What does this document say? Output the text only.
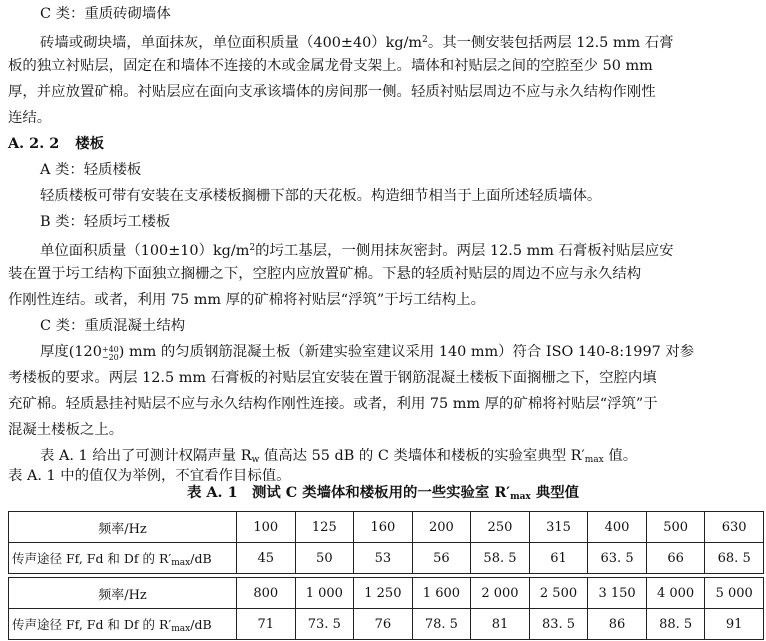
C 类：重质砖砌墙体
砖墙或砌块墙，单面抹灰，单位面积质量$(400\pm 40)kg/m^2$。其一侧安装包括两层 12.5 mm 石膏
板的独立衬贴层，固定在和墙体不连接的木或金属龙骨支架上。墙体和衬贴层之间的空腔至少 50 mm
厚，并应放置矿棉。衬贴层应在面向支承该墙体的房间那一侧。轻质衬贴层周边不应与永久结构作刚性
连结。
A. 2. 2 楼板
A 类：轻质楼板
轻质楼板可带有安装在支承楼板搁栅下部的天花板。构造细节相当于上面所述轻质墙体。
B 类：轻质圬工楼板
单位面积质量$(100\pm 10)kg/m^2$的圬工基层，一侧用抹灰密封。两层 12.5 mm 石膏板衬贴层应安
装在置于圬工结构下面独立搁栅之下，空腔内应放置矿棉。下悬的轻质衬贴层的周边不应与永久结构
作刚性连结。或者，利用 75 mm 厚的矿棉将衬贴层“浮筑”于圬工结构上。
C 类：重质混凝土结构
厚度(120+40
−20) mm 的匀质钢筋混凝土板（新建实验室建议采用 140 mm）符合 ISO 140-8:1997 对参
考楼板的要求。两层 12.5 mm 石膏板的衬贴层宜安装在置于钢筋混凝土楼板下面搁栅之下，空腔内填
充矿棉。轻质悬挂衬贴层不应与永久结构作刚性连接。或者，利用 75 mm 厚的矿棉将衬贴层“浮筑”于
混凝土楼板之上。
表 A. 1 给出了可测计权隔声量 $R_w$ 值高达 55 dB 的 C 类墙体和楼板的实验室典型 $R'_{max}$ 值。
表 A. 1 中的值仅为举例，不宜看作目标值。
表 A. 1　测试 C 类墙体和楼板用的一些实验室 $R'_{max}$ 典型值
频率/Hz	100	125	160	200	250	315	400	500	630
传声途径 Ff, Fd 和 Df 的 $R'_{max}/dB$	45	50	53	56	58. 5	61	63. 5	66	68. 5

频率/Hz	800	1 000	1 250	1 600	2 000	2 500	3 150	4 000	5 000
传声途径 Ff, Fd 和 Df 的 $R'_{max}/dB$	71	73. 5	76	78. 5	81	83. 5	86	88. 5	91
